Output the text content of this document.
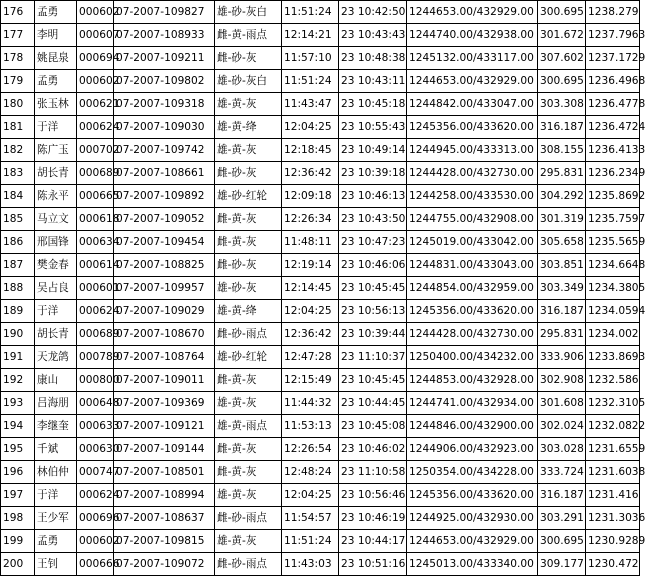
176	孟勇	000602	07-2007-109827	雄-砂-灰白	11:51:24	23 10:42:50	1244653.00/432929.00	300.695	1238.279
177	李明	000607	07-2007-108933	雌-黄-雨点	12:14:21	23 10:43:43	1244740.00/432938.00	301.672	1237.7963
178	姚昆泉	000694	07-2007-109211	雌-砂-灰	11:57:10	23 10:48:38	1245132.00/433117.00	307.602	1237.1729
179	孟勇	000602	07-2007-109802	雄-砂-灰白	11:51:24	23 10:43:11	1244653.00/432929.00	300.695	1236.4968
180	张玉林	000621	07-2007-109318	雄-黄-灰	11:43:47	23 10:45:18	1244842.00/433047.00	303.308	1236.4778
181	于洋	000624	07-2007-109030	雄-黄-绛	12:04:25	23 10:55:43	1245356.00/433620.00	316.187	1236.4724
182	陈广玉	000702	07-2007-109742	雄-黄-灰	12:18:45	23 10:49:14	1244945.00/433313.00	308.155	1236.4133
183	胡长青	000689	07-2007-108661	雌-砂-灰	12:36:42	23 10:39:18	1244428.00/432730.00	295.831	1236.2349
184	陈永平	000665	07-2007-109892	雄-砂-红轮	12:09:18	23 10:46:13	1244258.00/433530.00	304.292	1235.8692
185	马立文	000618	07-2007-109052	雌-黄-灰	12:26:34	23 10:43:50	1244755.00/432908.00	301.319	1235.7597
186	邢国锋	000634	07-2007-109454	雌-黄-灰	11:48:11	23 10:47:23	1245019.00/433042.00	305.658	1235.5659
187	樊金春	000614	07-2007-108825	雌-砂-灰	12:19:14	23 10:46:06	1244831.00/433043.00	303.851	1234.6648
188	吴占良	000601	07-2007-109957	雄-砂-灰	12:14:45	23 10:45:45	1244854.00/432959.00	303.349	1234.3805
189	于洋	000624	07-2007-109029	雄-黄-绛	12:04:25	23 10:56:13	1245356.00/433620.00	316.187	1234.0594
190	胡长青	000689	07-2007-108670	雌-砂-雨点	12:36:42	23 10:39:44	1244428.00/432730.00	295.831	1234.002
191	天龙鸽	000789	07-2007-108764	雄-砂-红轮	12:47:28	23 11:10:37	1250400.00/434232.00	333.906	1233.8693
192	康山	000800	07-2007-109011	雌-黄-灰	12:15:49	23 10:45:45	1244853.00/432928.00	302.908	1232.586
193	吕海朋	000648	07-2007-109369	雄-黄-灰	11:44:32	23 10:44:45	1244741.00/432934.00	301.608	1232.3105
194	李继奎	000633	07-2007-109121	雄-黄-雨点	11:53:13	23 10:45:08	1244846.00/432900.00	302.024	1232.0822
195	千斌	000630	07-2007-109144	雌-黄-灰	12:26:54	23 10:46:02	1244906.00/432923.00	303.028	1231.6559
196	林伯仲	000747	07-2007-108501	雌-黄-灰	12:48:24	23 11:10:58	1250354.00/434228.00	333.724	1231.6038
197	于洋	000624	07-2007-108994	雄-黄-灰	12:04:25	23 10:56:46	1245356.00/433620.00	316.187	1231.416
198	王少军	000696	07-2007-108637	雌-砂-雨点	11:54:57	23 10:46:19	1244925.00/432930.00	303.291	1231.3036
199	孟勇	000602	07-2007-109815	雄-黄-灰	11:51:24	23 10:44:17	1244653.00/432929.00	300.695	1230.9289
200	王钊	000666	07-2007-109072	雌-砂-雨点	11:43:03	23 10:51:16	1245013.00/433340.00	309.177	1230.472
